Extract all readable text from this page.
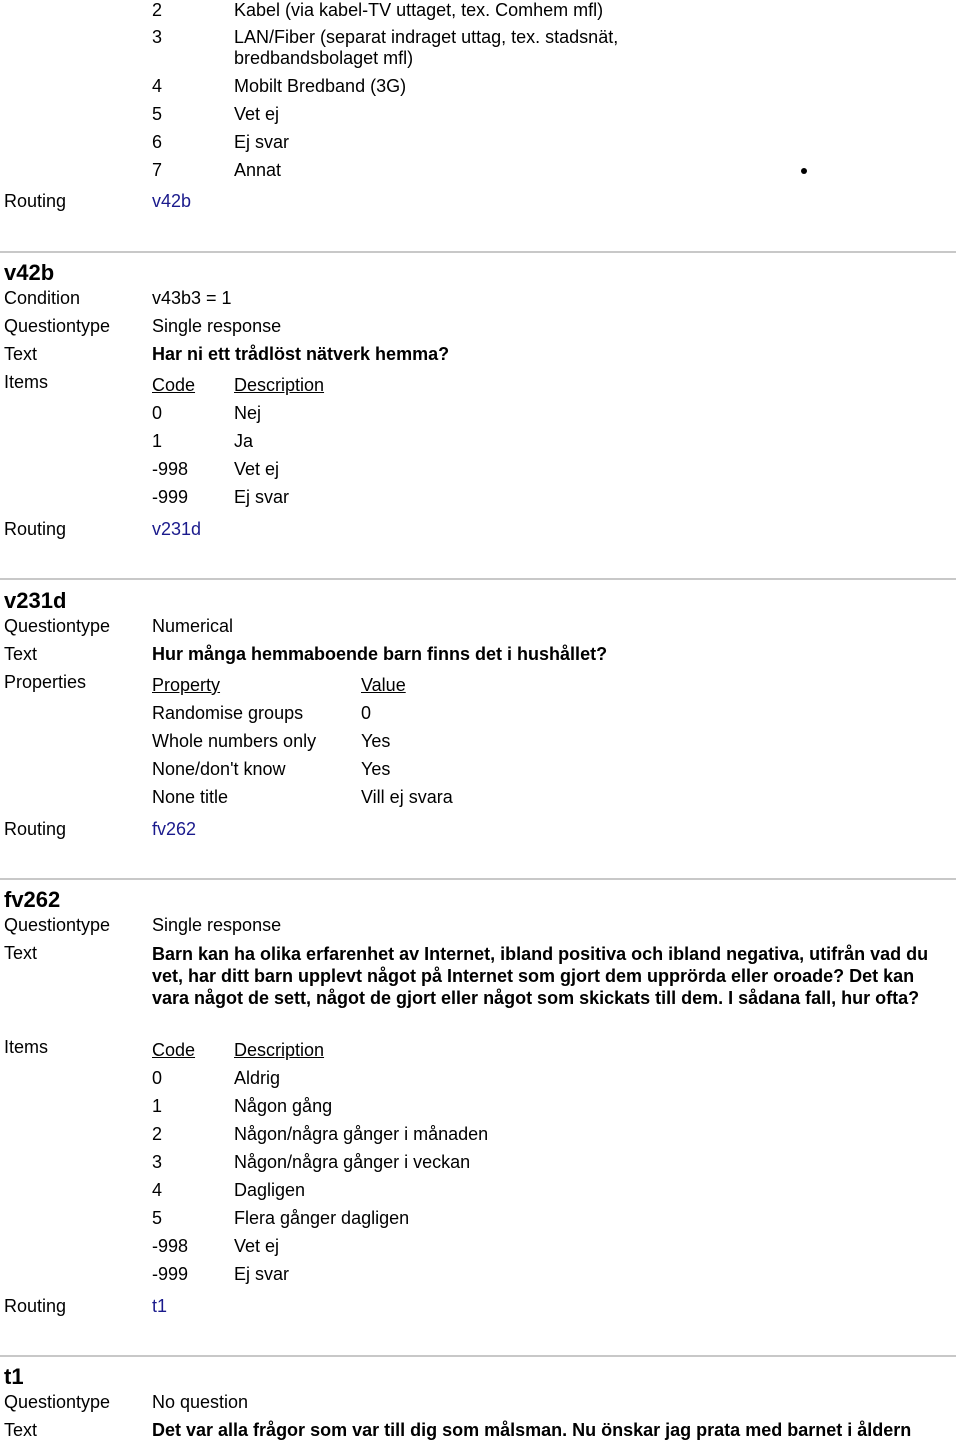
2	Kabel (via kabel-TV uttaget, tex. Comhem mfl)
3	LAN/Fiber (separat indraget uttag, tex. stadsnät, bredbandsbolaget mfl)
4	Mobilt Bredband (3G)
5	Vet ej
6	Ej svar
7	Annat
Routing	v42b
v42b
Condition	v43b3 = 1
Questiontype Single response
Text	Har ni ett trådlöst nätverk hemma?
Items	Code Description
0	Nej
1	Ja
-998	Vet ej
-999	Ej svar
Routing	v231d
v231d
Questiontype Numerical
Text	Hur många hemmaboende barn finns det i hushållet?
Properties	Property	Value
Randomise groups	0
Whole numbers only Yes
None/don't know	Yes
None title	Vill ej svara
Routing	fv262
fv262
Questiontype Single response
Text	Barn kan ha olika erfarenhet av Internet, ibland positiva och ibland negativa, utifrån vad du vet, har ditt barn upplevt något på Internet som gjort dem upprörda eller oroade? Det kan vara något de sett, något de gjort eller något som skickats till dem. I sådana fall, hur ofta?
Items	Code Description
0	Aldrig
1	Någon gång
2	Någon/några gånger i månaden
3	Någon/några gånger i veckan
4	Dagligen
5	Flera gånger dagligen
-998	Vet ej
-999	Ej svar
Routing	t1
t1
Questiontype No question
Text	Det var alla frågor som var till dig som målsman. Nu önskar jag prata med barnet i åldern
